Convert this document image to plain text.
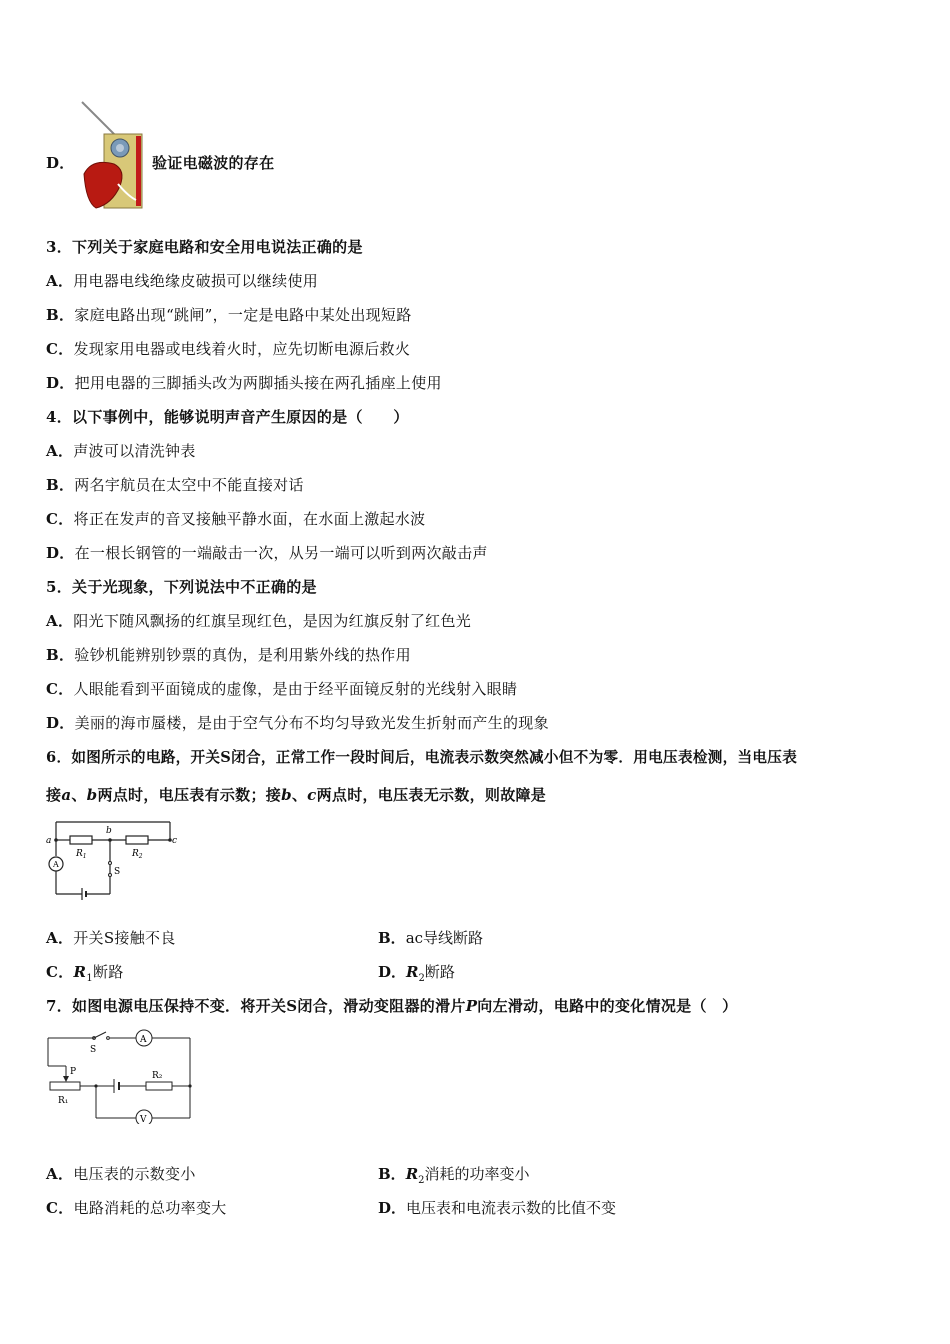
D．	验证电磁波的存在
3．下列关于家庭电路和安全用电说法正确的是
A．用电器电线绝缘皮破损可以继续使用
B．家庭电路出现“跳闸”，一定是电路中某处出现短路
C．发现家用电器或电线着火时，应先切断电源后救火
D．把用电器的三脚插头改为两脚插头接在两孔插座上使用
4．以下事例中，能够说明声音产生原因的是（　　）
A．声波可以清洗钟表
B．两名宇航员在太空中不能直接对话
C．将正在发声的音叉接触平静水面，在水面上激起水波
D．在一根长钢管的一端敲击一次，从另一端可以听到两次敲击声
5．关于光现象，下列说法中不正确的是
A．阳光下随风飘扬的红旗呈现红色，是因为红旗反射了红色光
B．验钞机能辨别钞票的真伪，是利用紫外线的热作用
C．人眼能看到平面镜成的虚像，是由于经平面镜反射的光线射入眼睛
D．美丽的海市蜃楼，是由于空气分布不均匀导致光发生折射而产生的现象
6．如图所示的电路，开关S闭合，正常工作一段时间后，电流表示数突然减小但不为零．用电压表检测，当电压表
接a、b两点时，电压表有示数；接b、c两点时，电压表无示数，则故障是
a
b
c
$R_1$	$R_2$
A
S
A．开关S接触不良	B．ac导线断路
C．$R_1$断路	D．$R_2$断路
7．如图电源电压保持不变．将开关S闭合，滑动变阻器的滑片P向左滑动，电路中的变化情况是（　）
S
A
P
R₁
R₂
V
A．电压表的示数变小	B．$R_2$消耗的功率变小
C．电路消耗的总功率变大	D．电压表和电流表示数的比值不变
